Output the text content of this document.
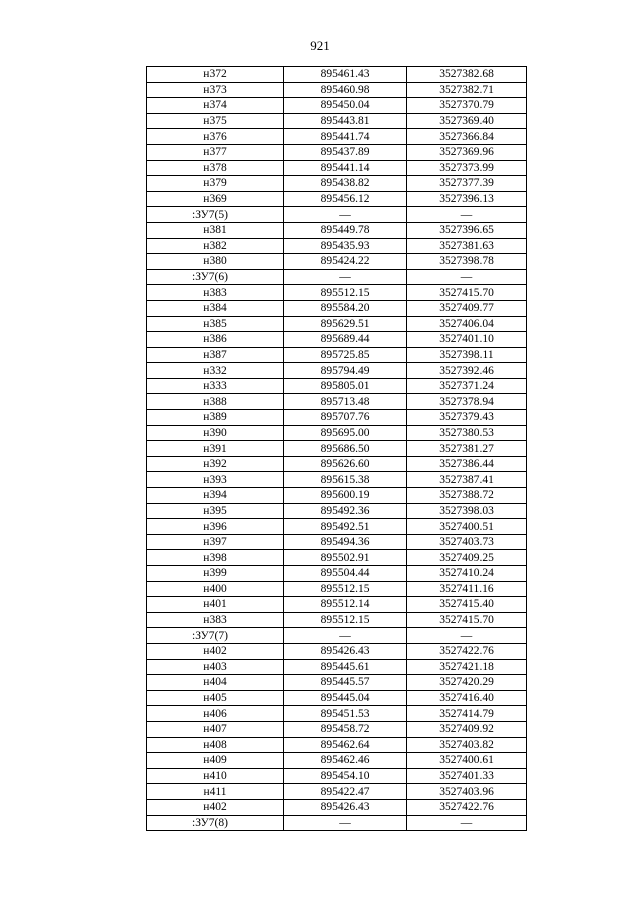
921
н372	895461.43	3527382.68
н373	895460.98	3527382.71
н374	895450.04	3527370.79
н375	895443.81	3527369.40
н376	895441.74	3527366.84
н377	895437.89	3527369.96
н378	895441.14	3527373.99
н379	895438.82	3527377.39
н369	895456.12	3527396.13
:ЗУ7(5)	—	—
н381	895449.78	3527396.65
н382	895435.93	3527381.63
н380	895424.22	3527398.78
:ЗУ7(6)	—	—
н383	895512.15	3527415.70
н384	895584.20	3527409.77
н385	895629.51	3527406.04
н386	895689.44	3527401.10
н387	895725.85	3527398.11
н332	895794.49	3527392.46
н333	895805.01	3527371.24
н388	895713.48	3527378.94
н389	895707.76	3527379.43
н390	895695.00	3527380.53
н391	895686.50	3527381.27
н392	895626.60	3527386.44
н393	895615.38	3527387.41
н394	895600.19	3527388.72
н395	895492.36	3527398.03
н396	895492.51	3527400.51
н397	895494.36	3527403.73
н398	895502.91	3527409.25
н399	895504.44	3527410.24
н400	895512.15	3527411.16
н401	895512.14	3527415.40
н383	895512.15	3527415.70
:ЗУ7(7)	—	—
н402	895426.43	3527422.76
н403	895445.61	3527421.18
н404	895445.57	3527420.29
н405	895445.04	3527416.40
н406	895451.53	3527414.79
н407	895458.72	3527409.92
н408	895462.64	3527403.82
н409	895462.46	3527400.61
н410	895454.10	3527401.33
н411	895422.47	3527403.96
н402	895426.43	3527422.76
:ЗУ7(8)	—	—
